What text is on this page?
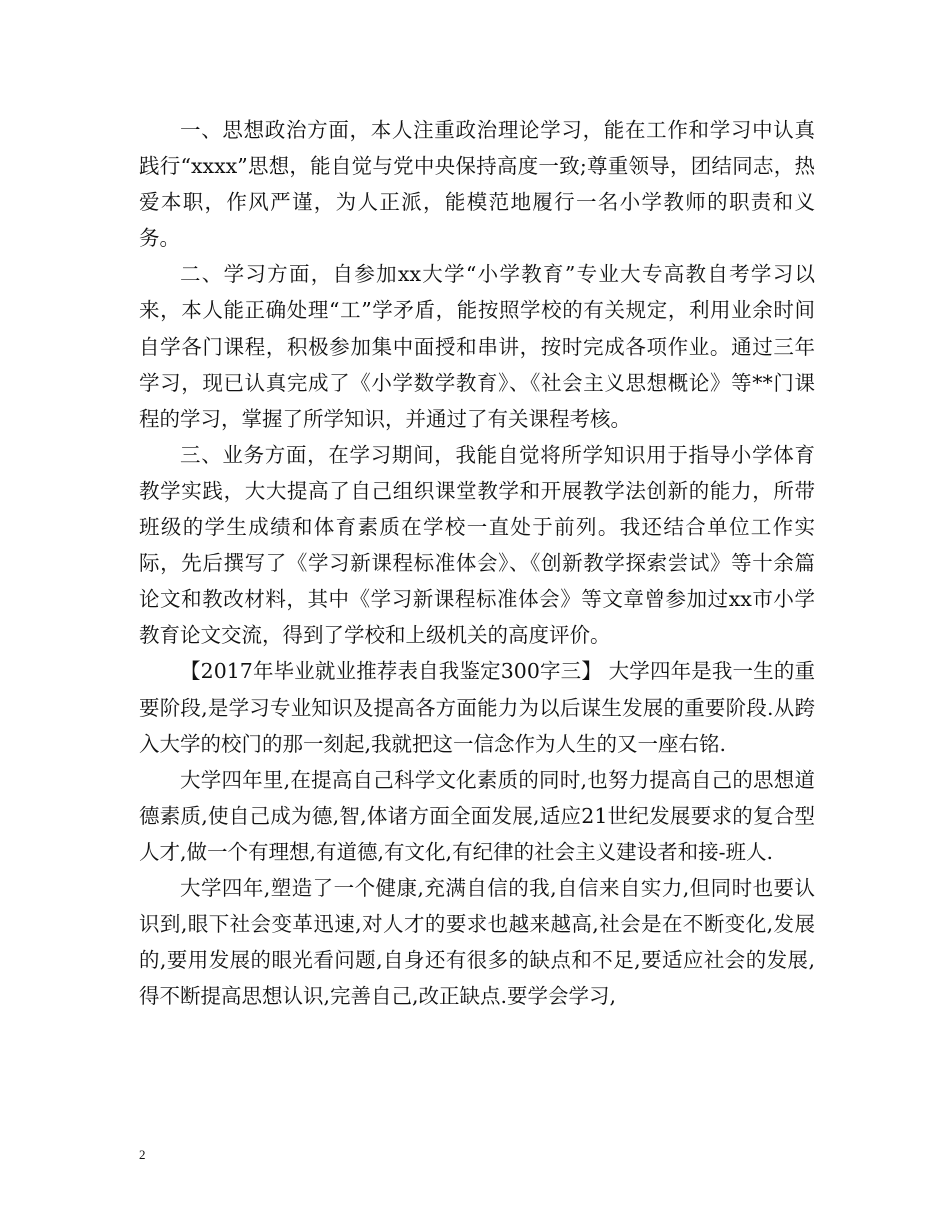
一、思想政治方面，本人注重政治理论学习，能在工作和学习中认真践行“xxxx”思想，能自觉与党中央保持高度一致;尊重领导，团结同志，热爱本职，作风严谨，为人正派，能模范地履行一名小学教师的职责和义务。

二、学习方面，自参加xx大学“小学教育”专业大专高教自考学习以来，本人能正确处理“工”学矛盾，能按照学校的有关规定，利用业余时间自学各门课程，积极参加集中面授和串讲，按时完成各项作业。通过三年学习，现已认真完成了《小学数学教育》、《社会主义思想概论》等**门课程的学习，掌握了所学知识，并通过了有关课程考核。

三、业务方面，在学习期间，我能自觉将所学知识用于指导小学体育教学实践，大大提高了自己组织课堂教学和开展教学法创新的能力，所带班级的学生成绩和体育素质在学校一直处于前列。我还结合单位工作实际，先后撰写了《学习新课程标准体会》、《创新教学探索尝试》等十余篇论文和教改材料，其中《学习新课程标准体会》等文章曾参加过xx市小学教育论文交流，得到了学校和上级机关的高度评价。

【2017年毕业就业推荐表自我鉴定300字三】 大学四年是我一生的重要阶段,是学习专业知识及提高各方面能力为以后谋生发展的重要阶段.从跨入大学的校门的那一刻起,我就把这一信念作为人生的又一座右铭.

大学四年里,在提高自己科学文化素质的同时,也努力提高自己的思想道德素质,使自己成为德,智,体诸方面全面发展,适应21世纪发展要求的复合型人才,做一个有理想,有道德,有文化,有纪律的社会主义建设者和接-班人.

大学四年,塑造了一个健康,充满自信的我,自信来自实力,但同时也要认识到,眼下社会变革迅速,对人才的要求也越来越高,社会是在不断变化,发展的,要用发展的眼光看问题,自身还有很多的缺点和不足,要适应社会的发展,得不断提高思想认识,完善自己,改正缺点.要学会学习,

2
